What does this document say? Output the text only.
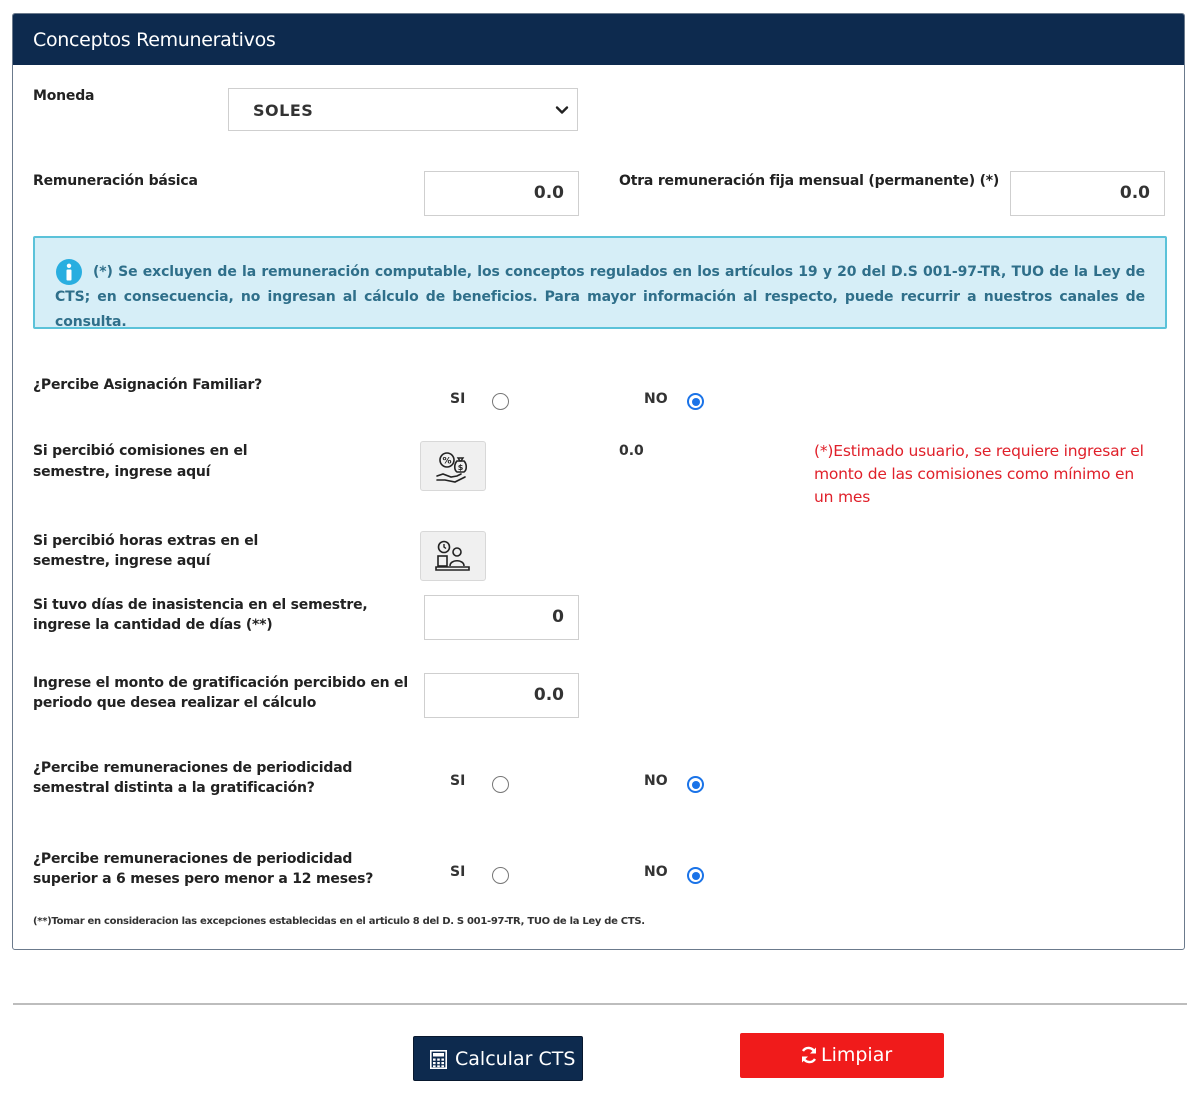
Conceptos Remunerativos
Moneda
SOLES
Remuneración básica
0.0
Otra remuneración fija mensual (permanente) (*)
0.0
(*) Se excluyen de la remuneración computable, los conceptos regulados en los artículos 19 y 20 del D.S 001-97-TR, TUO de la Ley de CTS; en consecuencia, no ingresan al cálculo de beneficios. Para mayor información al respecto, puede recurrir a nuestros canales de consulta.
¿Percibe Asignación Familiar?
SI	NO
Si percibió comisiones en el
semestre, ingrese aquí
%
$
0.0	(*)Estimado usuario, se requiere ingresar el monto de las comisiones como mínimo en un mes
Si percibió horas extras en el
semestre, ingrese aquí
Si tuvo días de inasistencia en el semestre,
ingrese la cantidad de días (**)	0
Ingrese el monto de gratificación percibido en el
periodo que desea realizar el cálculo	0.0
¿Percibe remuneraciones de periodicidad
semestral distinta a la gratificación?	SI	NO
¿Percibe remuneraciones de periodicidad
superior a 6 meses pero menor a 12 meses?	SI	NO
(**)Tomar en consideracion las excepciones establecidas en el articulo 8 del D. S 001-97-TR, TUO de la Ley de CTS.
Calcular CTS	Limpiar
